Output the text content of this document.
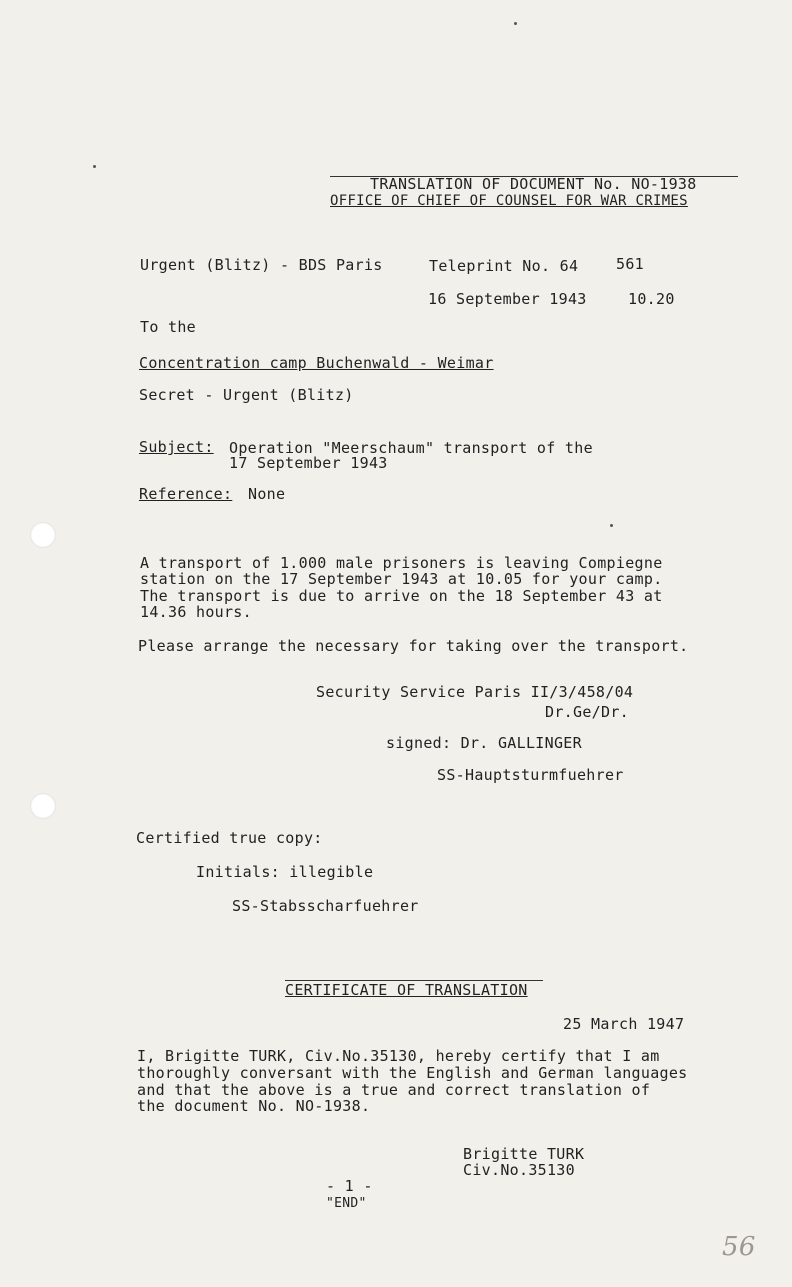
TRANSLATION OF DOCUMENT No. NO-1938
OFFICE OF CHIEF OF COUNSEL FOR WAR CRIMES
Urgent (Blitz) - BDS Paris	Teleprint No. 64	561
16 September 1943	10.20
To the
Concentration camp Buchenwald - Weimar
Secret - Urgent (Blitz)
Subject: Operation "Meerschaum" transport of the
17 September 1943
Reference: None
A transport of 1.000 male prisoners is leaving Compiegne
station on the 17 September 1943 at 10.05 for your camp.
The transport is due to arrive on the 18 September 43 at
14.36 hours.
Please arrange the necessary for taking over the transport.
Security Service Paris II/3/458/04
Dr.Ge/Dr.
signed: Dr. GALLINGER
SS-Hauptsturmfuehrer
Certified true copy:
Initials: illegible
SS-Stabsscharfuehrer
CERTIFICATE OF TRANSLATION
25 March 1947
I, Brigitte TURK, Civ.No.35130, hereby certify that I am
thoroughly conversant with the English and German languages
and that the above is a true and correct translation of
the document No. NO-1938.
Brigitte TURK
Civ.No.35130
- 1 -
"END"
56
